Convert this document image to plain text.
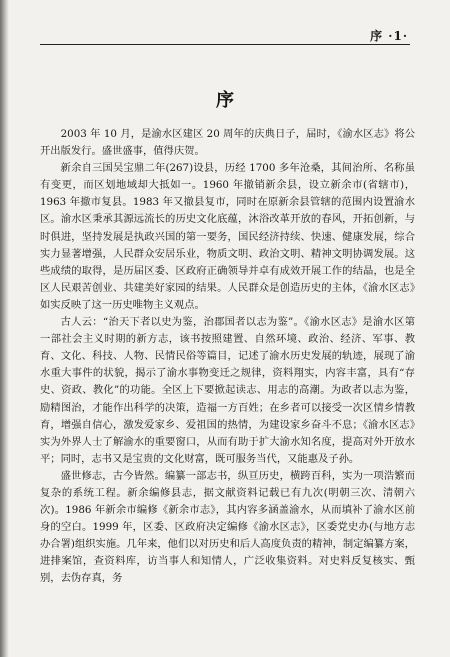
序 ·1·
序

2003 年 10 月，是渝水区建区 20 周年的庆典日子，届时，《渝水区志》将公开出版发行。盛世盛事，值得庆贺。

新余自三国吴宝鼎二年(267)设县，历经 1700 多年沧桑，其间治所、名称虽有变更，而区划地域却大抵如一。1960 年撤销新余县，设立新余市(省辖市)，1963 年撤市复县。1983 年又撤县复市，同时在原新余县管辖的范围内设置渝水区。渝水区秉承其源远流长的历史文化底蕴，沐浴改革开放的春风，开拓创新，与时俱进，坚持发展是执政兴国的第一要务，国民经济持续、快速、健康发展，综合实力显著增强，人民群众安居乐业，物质文明、政治文明、精神文明协调发展。这些成绩的取得，是历届区委、区政府正确领导并卓有成效开展工作的结晶，也是全区人民艰苦创业、共建美好家园的结果。人民群众是创造历史的主体，《渝水区志》如实反映了这一历史唯物主义观点。

古人云：“治天下者以史为鉴，治郡国者以志为鉴”。《渝水区志》是渝水区第一部社会主义时期的新方志，该书按照建置、自然环境、政治、经济、军事、教育、文化、科技、人物、民情民俗等篇目，记述了渝水历史发展的轨迹，展现了渝水重大事件的状貌，揭示了渝水事物变迁之规律，资料翔实，内容丰富，具有“存史、资政、教化”的功能。全区上下要掀起读志、用志的高潮。为政者以志为鉴，励精图治，才能作出科学的决策，造福一方百姓；在乡者可以接受一次区情乡情教育，增强自信心，激发爱家乡、爱祖国的热情，为建设家乡奋斗不息；《渝水区志》实为外界人士了解渝水的重要窗口，从而有助于扩大渝水知名度，提高对外开放水平；同时，志书又是宝贵的文化财富，既可服务当代，又能惠及子孙。

盛世修志，古今皆然。编纂一部志书，纵亘历史，横跨百科，实为一项浩繁而复杂的系统工程。新余编修县志，据文献资料记载已有九次(明朝三次、清朝六次)。1986 年新余市编修《新余市志》，其内容多涵盖渝水，从而填补了渝水区前身的空白。1999 年，区委、区政府决定编修《渝水区志》，区委党史办(与地方志办合署)组织实施。几年来，他们以对历史和后人高度负责的精神，制定编纂方案，进排案馆，查资料库，访当事人和知情人，广泛收集资料。对史料反复核实、甄别，去伪存真，务
